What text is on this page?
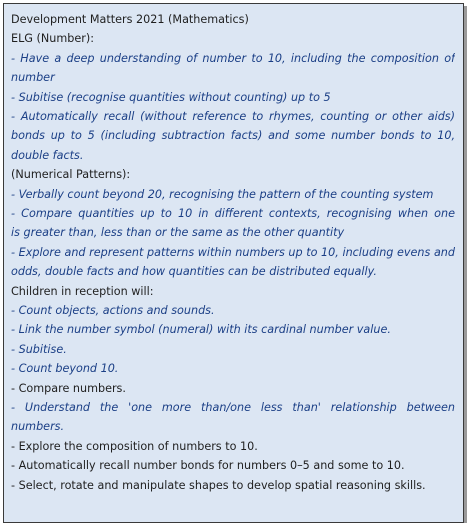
Development Matters 2021 (Mathematics)
ELG (Number):
- Have a deep understanding of number to 10, including the composition of
number
- Subitise (recognise quantities without counting) up to 5
- Automatically recall (without reference to rhymes, counting or other aids)
bonds up to 5 (including subtraction facts) and some number bonds to 10,
double facts.
(Numerical Patterns):
- Verbally count beyond 20, recognising the pattern of the counting system
- Compare quantities up to 10 in different contexts, recognising when one
is greater than, less than or the same as the other quantity
- Explore and represent patterns within numbers up to 10, including evens and
odds, double facts and how quantities can be distributed equally.
Children in reception will:
- Count objects, actions and sounds.
- Link the number symbol (numeral) with its cardinal number value.
- Subitise.
- Count beyond 10.
- Compare numbers.
- Understand the 'one more than/one less than' relationship between
numbers.
- Explore the composition of numbers to 10.
- Automatically recall number bonds for numbers 0–5 and some to 10.
- Select, rotate and manipulate shapes to develop spatial reasoning skills.
